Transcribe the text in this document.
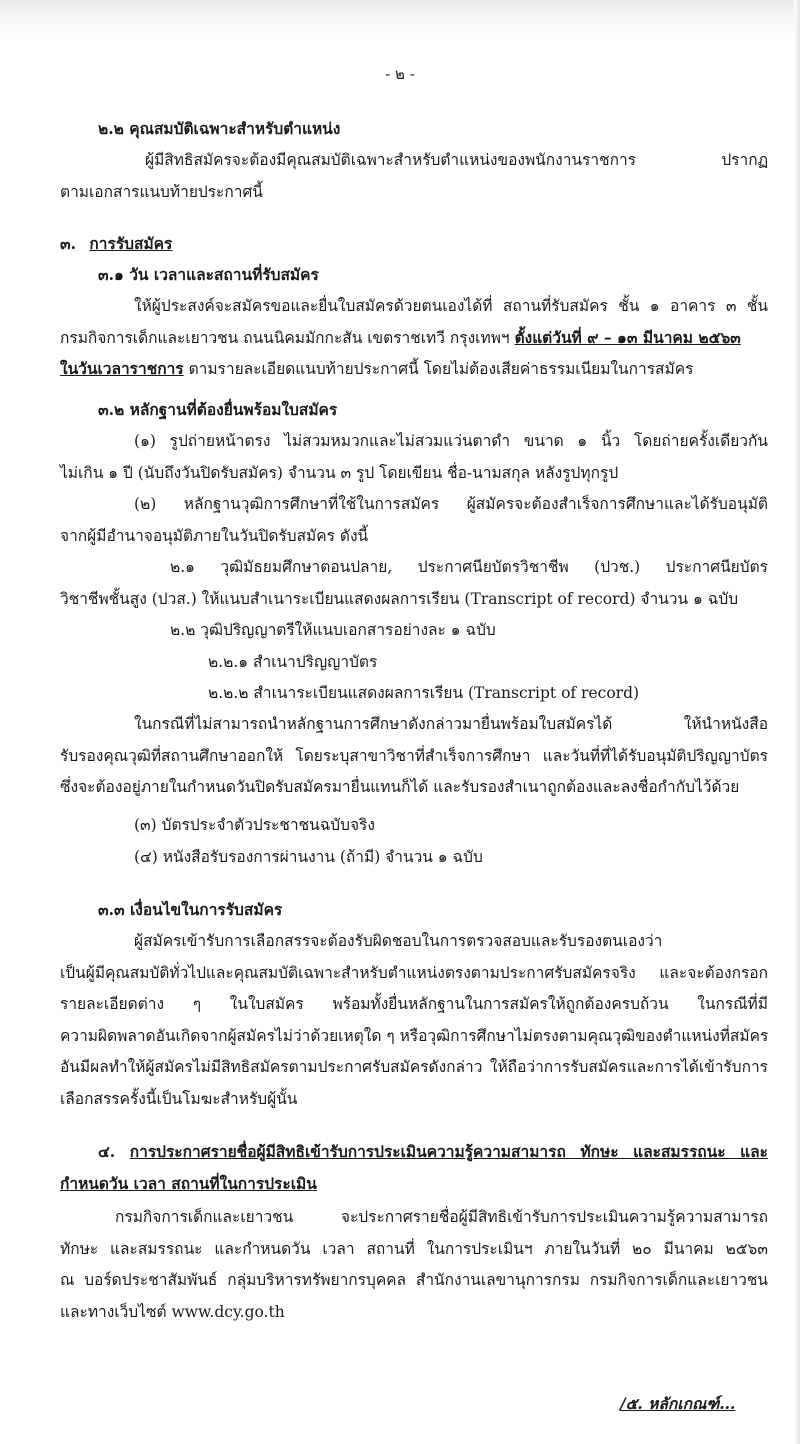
- ๒ -
๒.๒ คุณสมบัติเฉพาะสำหรับตำแหน่ง
ผู้มีสิทธิสมัครจะต้องมีคุณสมบัติเฉพาะสำหรับตำแหน่งของพนักงานราชการ ปรากฏ
ตามเอกสารแนบท้ายประกาศนี้
๓. การรับสมัคร
๓.๑ วัน เวลาและสถานที่รับสมัคร
ให้ผู้ประสงค์จะสมัครขอและยื่นใบสมัครด้วยตนเองได้ที่ สถานที่รับสมัคร ชั้น ๑ อาคาร ๓ ชั้น
กรมกิจการเด็กและเยาวชน ถนนนิคมมักกะสัน เขตราชเทวี กรุงเทพฯ ตั้งแต่วันที่ ๙ – ๑๓ มีนาคม ๒๕๖๓
ในวันเวลาราชการ ตามรายละเอียดแนบท้ายประกาศนี้ โดยไม่ต้องเสียค่าธรรมเนียมในการสมัคร
๓.๒ หลักฐานที่ต้องยื่นพร้อมใบสมัคร
(๑) รูปถ่ายหน้าตรง ไม่สวมหมวกและไม่สวมแว่นตาดำ ขนาด ๑ นิ้ว โดยถ่ายครั้งเดียวกัน
ไม่เกิน ๑ ปี (นับถึงวันปิดรับสมัคร) จำนวน ๓ รูป โดยเขียน ชื่อ-นามสกุล หลังรูปทุกรูป
(๒) หลักฐานวุฒิการศึกษาที่ใช้ในการสมัคร ผู้สมัครจะต้องสำเร็จการศึกษาและได้รับอนุมัติ
จากผู้มีอำนาจอนุมัติภายในวันปิดรับสมัคร ดังนี้
๒.๑ วุฒิมัธยมศึกษาตอนปลาย, ประกาศนียบัตรวิชาชีพ (ปวช.) ประกาศนียบัตร
วิชาชีพชั้นสูง (ปวส.) ให้แนบสำเนาระเบียนแสดงผลการเรียน (Transcript of record) จำนวน ๑ ฉบับ
๒.๒ วุฒิปริญญาตรีให้แนบเอกสารอย่างละ ๑ ฉบับ
๒.๒.๑ สำเนาปริญญาบัตร
๒.๒.๒ สำเนาระเบียนแสดงผลการเรียน (Transcript of record)
ในกรณีที่ไม่สามารถนำหลักฐานการศึกษาดังกล่าวมายื่นพร้อมใบสมัครได้ ให้นำหนังสือ
รับรองคุณวุฒิที่สถานศึกษาออกให้ โดยระบุสาขาวิชาที่สำเร็จการศึกษา และวันที่ที่ได้รับอนุมัติปริญญาบัตร
ซึ่งจะต้องอยู่ภายในกำหนดวันปิดรับสมัครมายื่นแทนก็ได้ และรับรองสำเนาถูกต้องและลงชื่อกำกับไว้ด้วย
(๓) บัตรประจำตัวประชาชนฉบับจริง
(๔) หนังสือรับรองการผ่านงาน (ถ้ามี) จำนวน ๑ ฉบับ
๓.๓ เงื่อนไขในการรับสมัคร
ผู้สมัครเข้ารับการเลือกสรรจะต้องรับผิดชอบในการตรวจสอบและรับรองตนเองว่า
เป็นผู้มีคุณสมบัติทั่วไปและคุณสมบัติเฉพาะสำหรับตำแหน่งตรงตามประกาศรับสมัครจริง และจะต้องกรอก
รายละเอียดต่าง ๆ ในใบสมัคร พร้อมทั้งยื่นหลักฐานในการสมัครให้ถูกต้องครบถ้วน ในกรณีที่มี
ความผิดพลาดอันเกิดจากผู้สมัครไม่ว่าด้วยเหตุใด ๆ หรือวุฒิการศึกษาไม่ตรงตามคุณวุฒิของตำแหน่งที่สมัคร
อันมีผลทำให้ผู้สมัครไม่มีสิทธิสมัครตามประกาศรับสมัครดังกล่าว ให้ถือว่าการรับสมัครและการได้เข้ารับการ
เลือกสรรครั้งนี้เป็นโมฆะสำหรับผู้นั้น
๔. การประกาศรายชื่อผู้มีสิทธิเข้ารับการประเมินความรู้ความสามารถ ทักษะ และสมรรถนะ และ
กำหนดวัน เวลา สถานที่ในการประเมิน
กรมกิจการเด็กและเยาวชน จะประกาศรายชื่อผู้มีสิทธิเข้ารับการประเมินความรู้ความสามารถ
ทักษะ และสมรรถนะ และกำหนดวัน เวลา สถานที่ ในการประเมินฯ ภายในวันที่ ๒๐ มีนาคม ๒๕๖๓
ณ บอร์ดประชาสัมพันธ์ กลุ่มบริหารทรัพยากรบุคคล สำนักงานเลขานุการกรม กรมกิจการเด็กและเยาวชน
และทางเว็บไซต์ www.dcy.go.th
/๕. หลักเกณฑ์...
